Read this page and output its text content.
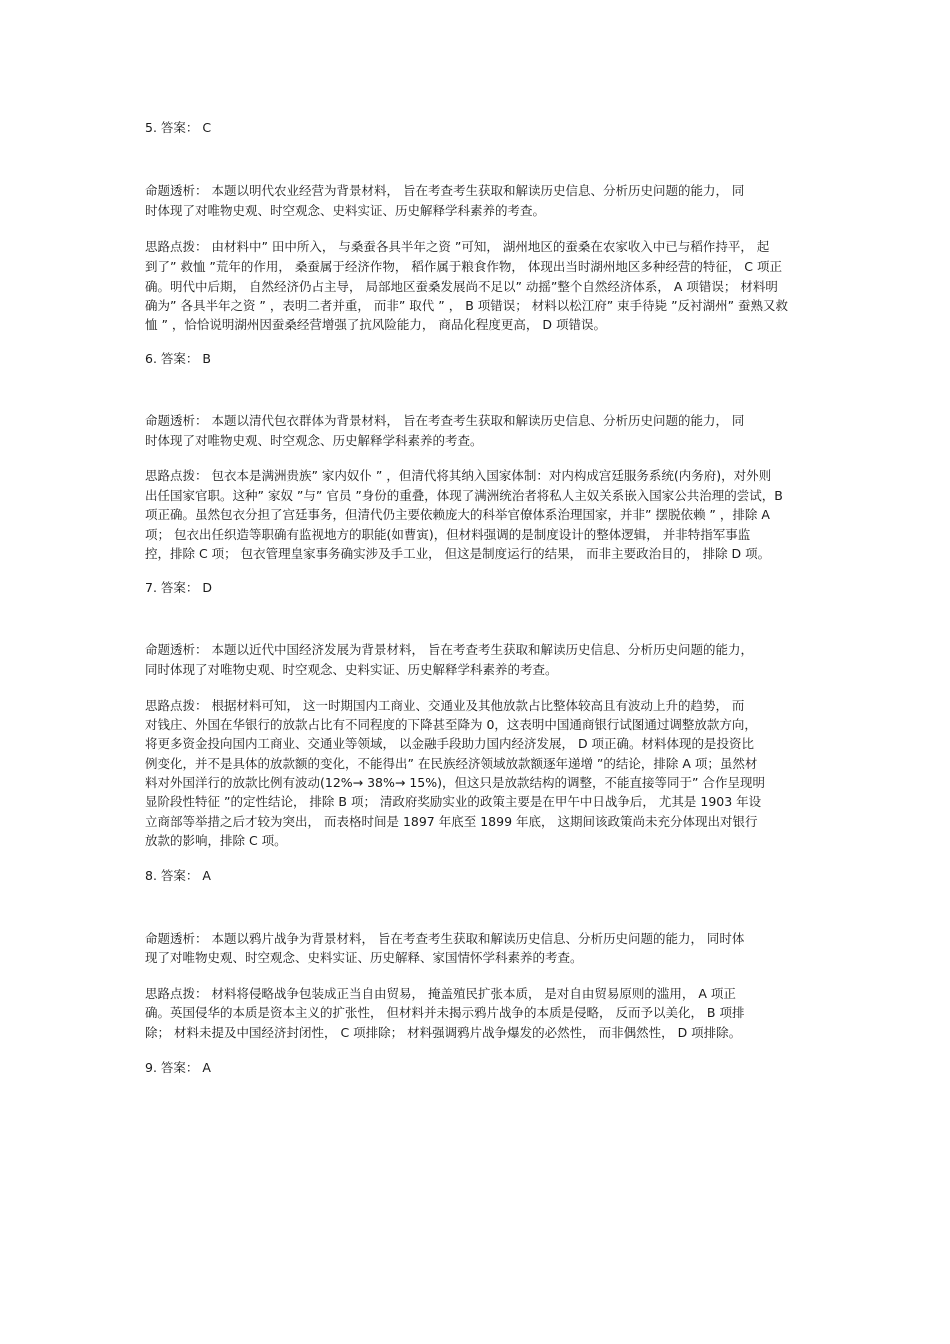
5. 答案： C
命题透析： 本题以明代农业经营为背景材料， 旨在考查考生获取和解读历史信息、分析历史问题的能力， 同
时体现了对唯物史观、时空观念、史料实证、历史解释学科素养的考查。
思路点拨： 由材料中” 田中所入， 与桑蚕各具半年之资 ”可知， 湖州地区的蚕桑在农家收入中已与稻作持平， 起
到了” 救恤 ”荒年的作用， 桑蚕属于经济作物， 稻作属于粮食作物， 体现出当时湖州地区多种经营的特征， C 项正
确。明代中后期， 自然经济仍占主导， 局部地区蚕桑发展尚不足以” 动摇”整个自然经济体系， A 项错误； 材料明
确为” 各具半年之资 ” ，表明二者并重， 而非” 取代 ” ， B 项错误； 材料以松江府” 束手待毙 ”反衬湖州” 蚕熟又救
恤 ” ，恰恰说明湖州因蚕桑经营增强了抗风险能力， 商品化程度更高， D 项错误。
6. 答案： B
命题透析： 本题以清代包衣群体为背景材料， 旨在考查考生获取和解读历史信息、分析历史问题的能力， 同
时体现了对唯物史观、时空观念、历史解释学科素养的考查。
思路点拨： 包衣本是满洲贵族” 家内奴仆 ” ，但清代将其纳入国家体制：对内构成宫廷服务系统(内务府)，对外则
出任国家官职。这种” 家奴 ”与” 官员 ”身份的重叠，体现了满洲统治者将私人主奴关系嵌入国家公共治理的尝试，B
项正确。虽然包衣分担了宫廷事务，但清代仍主要依赖庞大的科举官僚体系治理国家，并非” 摆脱依赖 ” ，排除 A
项； 包衣出任织造等职确有监视地方的职能(如曹寅)，但材料强调的是制度设计的整体逻辑， 并非特指军事监
控，排除 C 项； 包衣管理皇家事务确实涉及手工业， 但这是制度运行的结果， 而非主要政治目的， 排除 D 项。
7. 答案： D
命题透析： 本题以近代中国经济发展为背景材料， 旨在考查考生获取和解读历史信息、分析历史问题的能力，
同时体现了对唯物史观、时空观念、史料实证、历史解释学科素养的考查。
思路点拨： 根据材料可知， 这一时期国内工商业、交通业及其他放款占比整体较高且有波动上升的趋势， 而
对钱庄、外国在华银行的放款占比有不同程度的下降甚至降为 0，这表明中国通商银行试图通过调整放款方向，
将更多资金投向国内工商业、交通业等领域， 以金融手段助力国内经济发展， D 项正确。材料体现的是投资比
例变化，并不是具体的放款额的变化，不能得出” 在民族经济领域放款额逐年递增 ”的结论，排除 A 项；虽然材
料对外国洋行的放款比例有波动(12%→ 38%→ 15%)，但这只是放款结构的调整，不能直接等同于” 合作呈现明
显阶段性特征 ”的定性结论， 排除 B 项； 清政府奖励实业的政策主要是在甲午中日战争后， 尤其是 1903 年设
立商部等举措之后才较为突出， 而表格时间是 1897 年底至 1899 年底， 这期间该政策尚未充分体现出对银行
放款的影响，排除 C 项。
8. 答案： A
命题透析： 本题以鸦片战争为背景材料， 旨在考查考生获取和解读历史信息、分析历史问题的能力， 同时体
现了对唯物史观、时空观念、史料实证、历史解释、家国情怀学科素养的考查。
思路点拨： 材料将侵略战争包装成正当自由贸易， 掩盖殖民扩张本质， 是对自由贸易原则的滥用， A 项正
确。英国侵华的本质是资本主义的扩张性， 但材料并未揭示鸦片战争的本质是侵略， 反而予以美化， B 项排
除； 材料未提及中国经济封闭性， C 项排除； 材料强调鸦片战争爆发的必然性， 而非偶然性， D 项排除。
9. 答案： A
